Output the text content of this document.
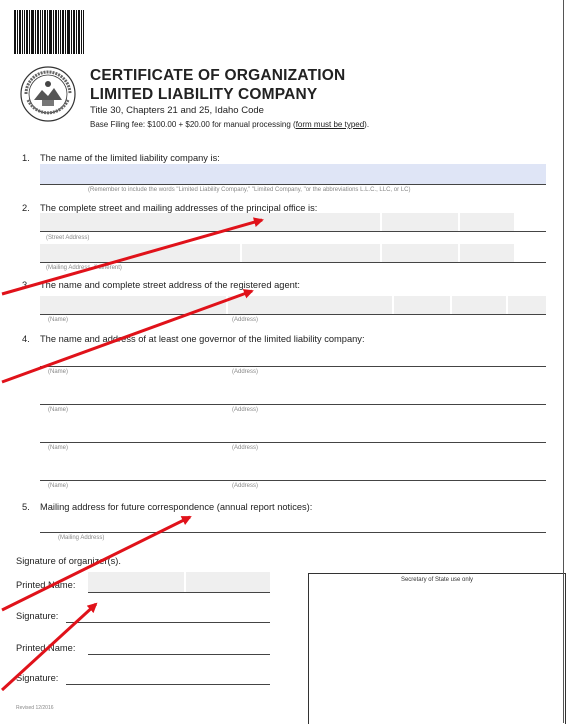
CERTIFICATE OF ORGANIZATION
LIMITED LIABILITY COMPANY
Title 30, Chapters 21 and 25, Idaho Code
Base Filing fee: $100.00 + $20.00 for manual processing (form must be typed).
1. The name of the limited liability company is:
(Remember to include the words "Limited Liability Company," "Limited Company, "or the abbreviations L.L.C., LLC, or LC)
2. The complete street and mailing addresses of the principal office is:
(Street Address)
(Mailing Address, if different)
3. The name and complete street address of the registered agent:
(Name)	(Address)
4. The name and address of at least one governor of the limited liability company:
(Name)	(Address)
(Name)	(Address)
(Name)	(Address)
(Name)	(Address)
5. Mailing address for future correspondence (annual report notices):
(Mailing Address)
Signature of organizer(s).
Printed Name:
Signature:
Printed Name:
Signature:
Secretary of State use only
Revised 12/2016
